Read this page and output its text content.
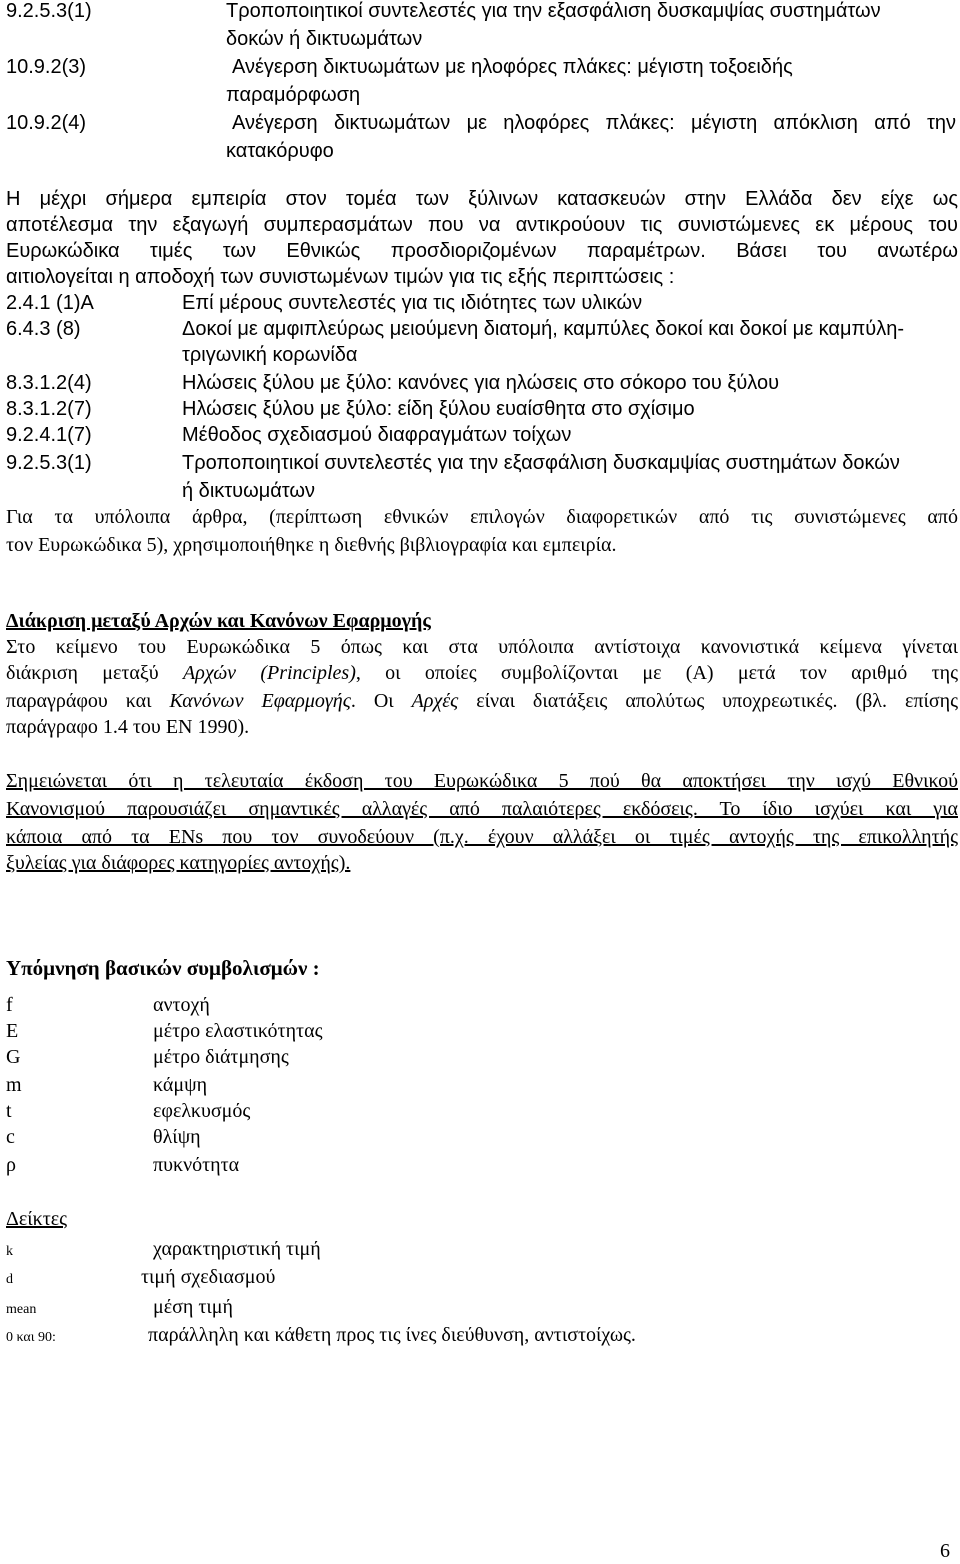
9.2.5.3(1)	Τροποποιητικοί συντελεστές για την εξασφάλιση δυσκαμψίας συστημάτων
δοκών ή δικτυωμάτων
10.9.2(3)	Ανέγερση δικτυωμάτων με ηλοφόρες πλάκες: μέγιστη τοξοειδής
παραμόρφωση
10.9.2(4)	Ανέγερση δικτυωμάτων με ηλοφόρες πλάκες: μέγιστη απόκλιση από την
κατακόρυφο
Η μέχρι σήμερα εμπειρία στον τομέα των ξύλινων κατασκευών στην Ελλάδα δεν είχε ως
αποτέλεσμα την εξαγωγή συμπερασμάτων που να αντικρούουν τις συνιστώμενες εκ μέρους του
Ευρωκώδικα τιμές των Εθνικώς προσδιοριζομένων παραμέτρων. Βάσει του ανωτέρω
αιτιολογείται η αποδοχή των συνιστωμένων τιμών για τις εξής περιπτώσεις :
2.4.1 (1)A	Επί μέρους συντελεστές για τις ιδιότητες των υλικών
6.4.3 (8)	Δοκοί με αμφιπλεύρως μειούμενη διατομή, καμπύλες δοκοί και δοκοί με καμπύλη-
τριγωνική κορωνίδα
8.3.1.2(4)	Ηλώσεις ξύλου με ξύλο: κανόνες για ηλώσεις στο σόκορο του ξύλου
8.3.1.2(7)	Ηλώσεις ξύλου με ξύλο: είδη ξύλου ευαίσθητα στο σχίσιμο
9.2.4.1(7)	Μέθοδος σχεδιασμού διαφραγμάτων τοίχων
9.2.5.3(1)	Τροποποιητικοί συντελεστές για την εξασφάλιση δυσκαμψίας συστημάτων δοκών
ή δικτυωμάτων
Για τα υπόλοιπα άρθρα, (περίπτωση εθνικών επιλογών διαφορετικών από τις συνιστώμενες από
τον Ευρωκώδικα 5), χρησιμοποιήθηκε η διεθνής βιβλιογραφία και εμπειρία.
Διάκριση μεταξύ Αρχών και Κανόνων Εφαρμογής
Στο κείμενο του Ευρωκώδικα 5 όπως και στα υπόλοιπα αντίστοιχα κανονιστικά κείμενα γίνεται
διάκριση μεταξύ Αρχών (Principles), οι οποίες συμβολίζονται με (Α) μετά τον αριθμό της
παραγράφου και Κανόνων Εφαρμογής. Οι Αρχές είναι διατάξεις απολύτως υποχρεωτικές. (βλ. επίσης
παράγραφο 1.4 του EN 1990).
Σημειώνεται ότι η τελευταία έκδοση του Ευρωκώδικα 5 πού θα αποκτήσει την ισχύ Εθνικού
Κανονισμού παρουσιάζει σημαντικές αλλαγές από παλαιότερες εκδόσεις. Το ίδιο ισχύει και για
κάποια από τα ENs που τον συνοδεύουν (π.χ. έχουν αλλάξει οι τιμές αντοχής της επικολλητής
ξυλείας για διάφορες κατηγορίες αντοχής).
Υπόμνηση βασικών συμβολισμών :
f	αντοχή
E	μέτρο ελαστικότητας
G	μέτρο διάτμησης
m	κάμψη
t	εφελκυσμός
c	θλίψη
ρ	πυκνότητα
Δείκτες
k	χαρακτηριστική τιμή
d	τιμή σχεδιασμού
mean	μέση τιμή
0 και 90:	παράλληλη και κάθετη προς τις ίνες διεύθυνση, αντιστοίχως.
6
